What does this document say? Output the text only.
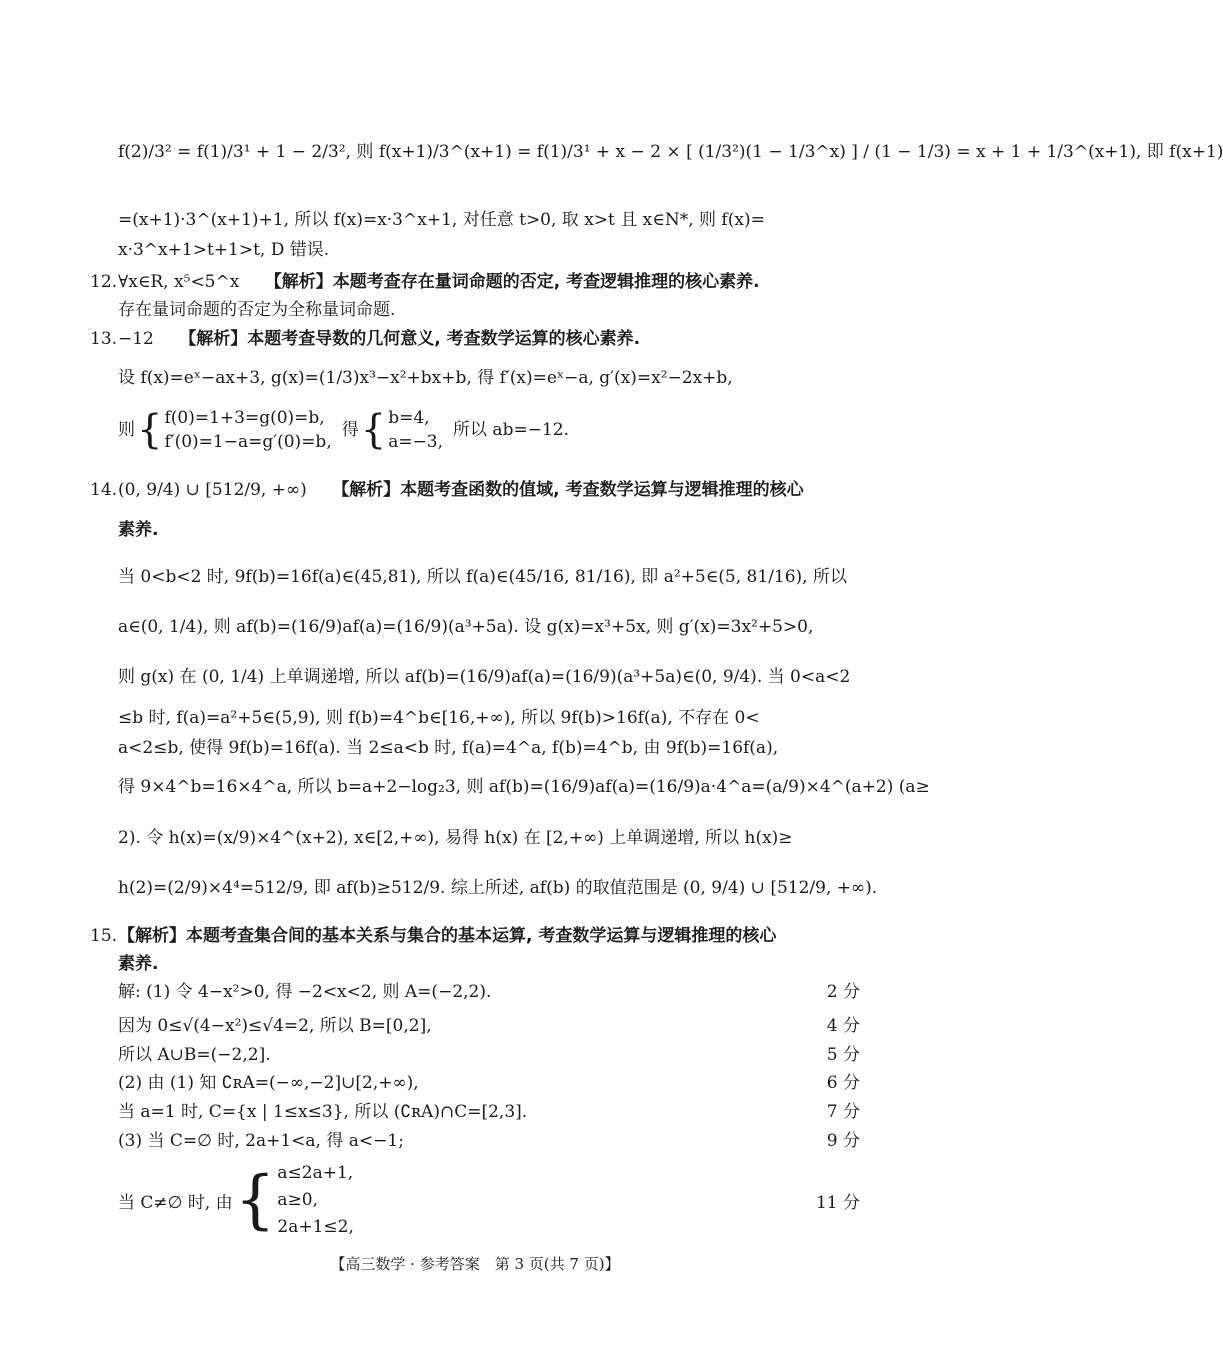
f(2)/3² = f(1)/3¹ + 1 − 2/3², 则 f(x+1)/3^(x+1) = f(1)/3¹ + x − 2 × [ (1/3²)(1 − 1/3^x) ] / (1 − 1/3) = x + 1 + 1/3^(x+1), 即 f(x+1)
=(x+1)·3^(x+1)+1, 所以 f(x)=x·3^x+1, 对任意 t>0, 取 x>t 且 x∈N*, 则 f(x)=
x·3^x+1>t+1>t, D 错误.
12. ∀x∈R, x⁵<5^x 【解析】本题考查存在量词命题的否定, 考查逻辑推理的核心素养.
存在量词命题的否定为全称量词命题.
13. −12 【解析】本题考查导数的几何意义, 考查数学运算的核心素养.
设 f(x)=eˣ−ax+3, g(x)=(1/3)x³−x²+bx+b, 得 f′(x)=eˣ−a, g′(x)=x²−2x+b,
则 { f(0)=1+3=g(0)=b,
f′(0)=1−a=g′(0)=b,
得 { b=4,
a=−3,
所以 ab=−12.
14. (0, 9/4) ∪ [512/9, +∞) 【解析】本题考查函数的值域, 考查数学运算与逻辑推理的核心
素养.
当 0<b<2 时, 9f(b)=16f(a)∈(45,81), 所以 f(a)∈(45/16, 81/16), 即 a²+5∈(5, 81/16), 所以
a∈(0, 1/4), 则 af(b)=(16/9)af(a)=(16/9)(a³+5a). 设 g(x)=x³+5x, 则 g′(x)=3x²+5>0,
则 g(x) 在 (0, 1/4) 上单调递增, 所以 af(b)=(16/9)af(a)=(16/9)(a³+5a)∈(0, 9/4). 当 0<a<2
≤b 时, f(a)=a²+5∈(5,9), 则 f(b)=4^b∈[16,+∞), 所以 9f(b)>16f(a), 不存在 0<
a<2≤b, 使得 9f(b)=16f(a). 当 2≤a<b 时, f(a)=4^a, f(b)=4^b, 由 9f(b)=16f(a),
得 9×4^b=16×4^a, 所以 b=a+2−log₂3, 则 af(b)=(16/9)af(a)=(16/9)a·4^a=(a/9)×4^(a+2) (a≥
2). 令 h(x)=(x/9)×4^(x+2), x∈[2,+∞), 易得 h(x) 在 [2,+∞) 上单调递增, 所以 h(x)≥
h(2)=(2/9)×4⁴=512/9, 即 af(b)≥512/9. 综上所述, af(b) 的取值范围是 (0, 9/4) ∪ [512/9, +∞).
15. 【解析】本题考查集合间的基本关系与集合的基本运算, 考查数学运算与逻辑推理的核心
素养.
解: (1) 令 4−x²>0, 得 −2<x<2, 则 A=(−2,2).	2 分
因为 0≤√(4−x²)≤√4=2, 所以 B=[0,2],	4 分
所以 A∪B=(−2,2].	5 分
(2) 由 (1) 知 ∁ʀA=(−∞,−2]∪[2,+∞),	6 分
当 a=1 时, C={x | 1≤x≤3}, 所以 (∁ʀA)∩C=[2,3].	7 分
(3) 当 C=∅ 时, 2a+1<a, 得 a<−1;	9 分
当 C≠∅ 时, 由 { a≤2a+1,
a≥0,
2a+1≤2,
11 分
【高三数学 · 参考答案　第 3 页(共 7 页)】
